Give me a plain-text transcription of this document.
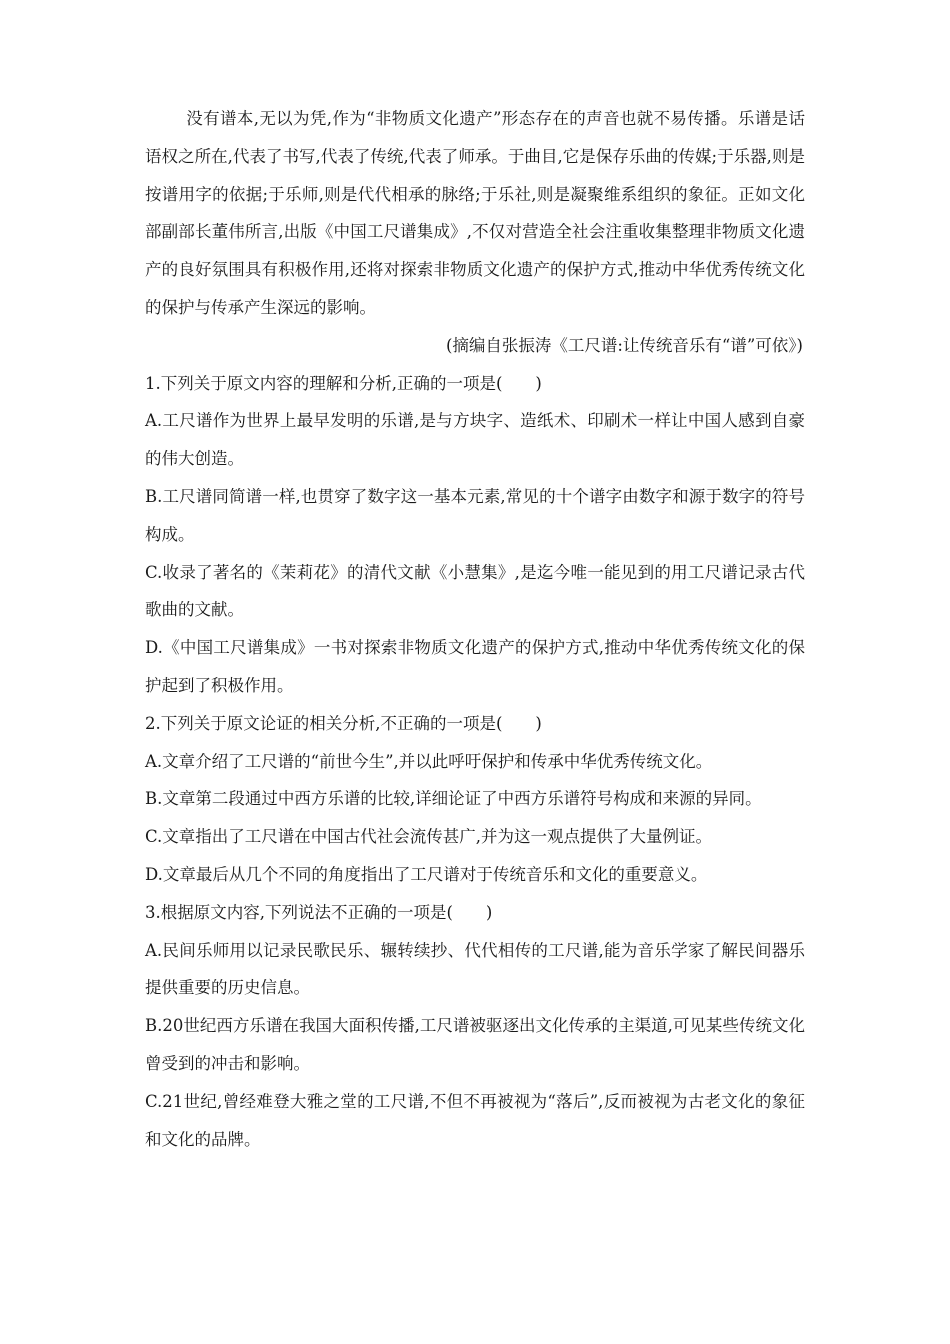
没有谱本,无以为凭,作为“非物质文化遗产”形态存在的声音也就不易传播。乐谱是话语权之所在,代表了书写,代表了传统,代表了师承。于曲目,它是保存乐曲的传媒;于乐器,则是按谱用字的依据;于乐师,则是代代相承的脉络;于乐社,则是凝聚维系组织的象征。正如文化部副部长董伟所言,出版《中国工尺谱集成》,不仅对营造全社会注重收集整理非物质文化遗产的良好氛围具有积极作用,还将对探索非物质文化遗产的保护方式,推动中华优秀传统文化的保护与传承产生深远的影响。

(摘编自张振涛《工尺谱:让传统音乐有“谱”可依》)

1.下列关于原文内容的理解和分析,正确的一项是(　　)

A.工尺谱作为世界上最早发明的乐谱,是与方块字、造纸术、印刷术一样让中国人感到自豪的伟大创造。

B.工尺谱同简谱一样,也贯穿了数字这一基本元素,常见的十个谱字由数字和源于数字的符号构成。

C.收录了著名的《茉莉花》的清代文献《小慧集》,是迄今唯一能见到的用工尺谱记录古代歌曲的文献。

D.《中国工尺谱集成》一书对探索非物质文化遗产的保护方式,推动中华优秀传统文化的保护起到了积极作用。

2.下列关于原文论证的相关分析,不正确的一项是(　　)

A.文章介绍了工尺谱的“前世今生”,并以此呼吁保护和传承中华优秀传统文化。

B.文章第二段通过中西方乐谱的比较,详细论证了中西方乐谱符号构成和来源的异同。

C.文章指出了工尺谱在中国古代社会流传甚广,并为这一观点提供了大量例证。

D.文章最后从几个不同的角度指出了工尺谱对于传统音乐和文化的重要意义。

3.根据原文内容,下列说法不正确的一项是(　　)

A.民间乐师用以记录民歌民乐、辗转续抄、代代相传的工尺谱,能为音乐学家了解民间器乐提供重要的历史信息。

B.20世纪西方乐谱在我国大面积传播,工尺谱被驱逐出文化传承的主渠道,可见某些传统文化曾受到的冲击和影响。

C.21世纪,曾经难登大雅之堂的工尺谱,不但不再被视为“落后”,反而被视为古老文化的象征和文化的品牌。
